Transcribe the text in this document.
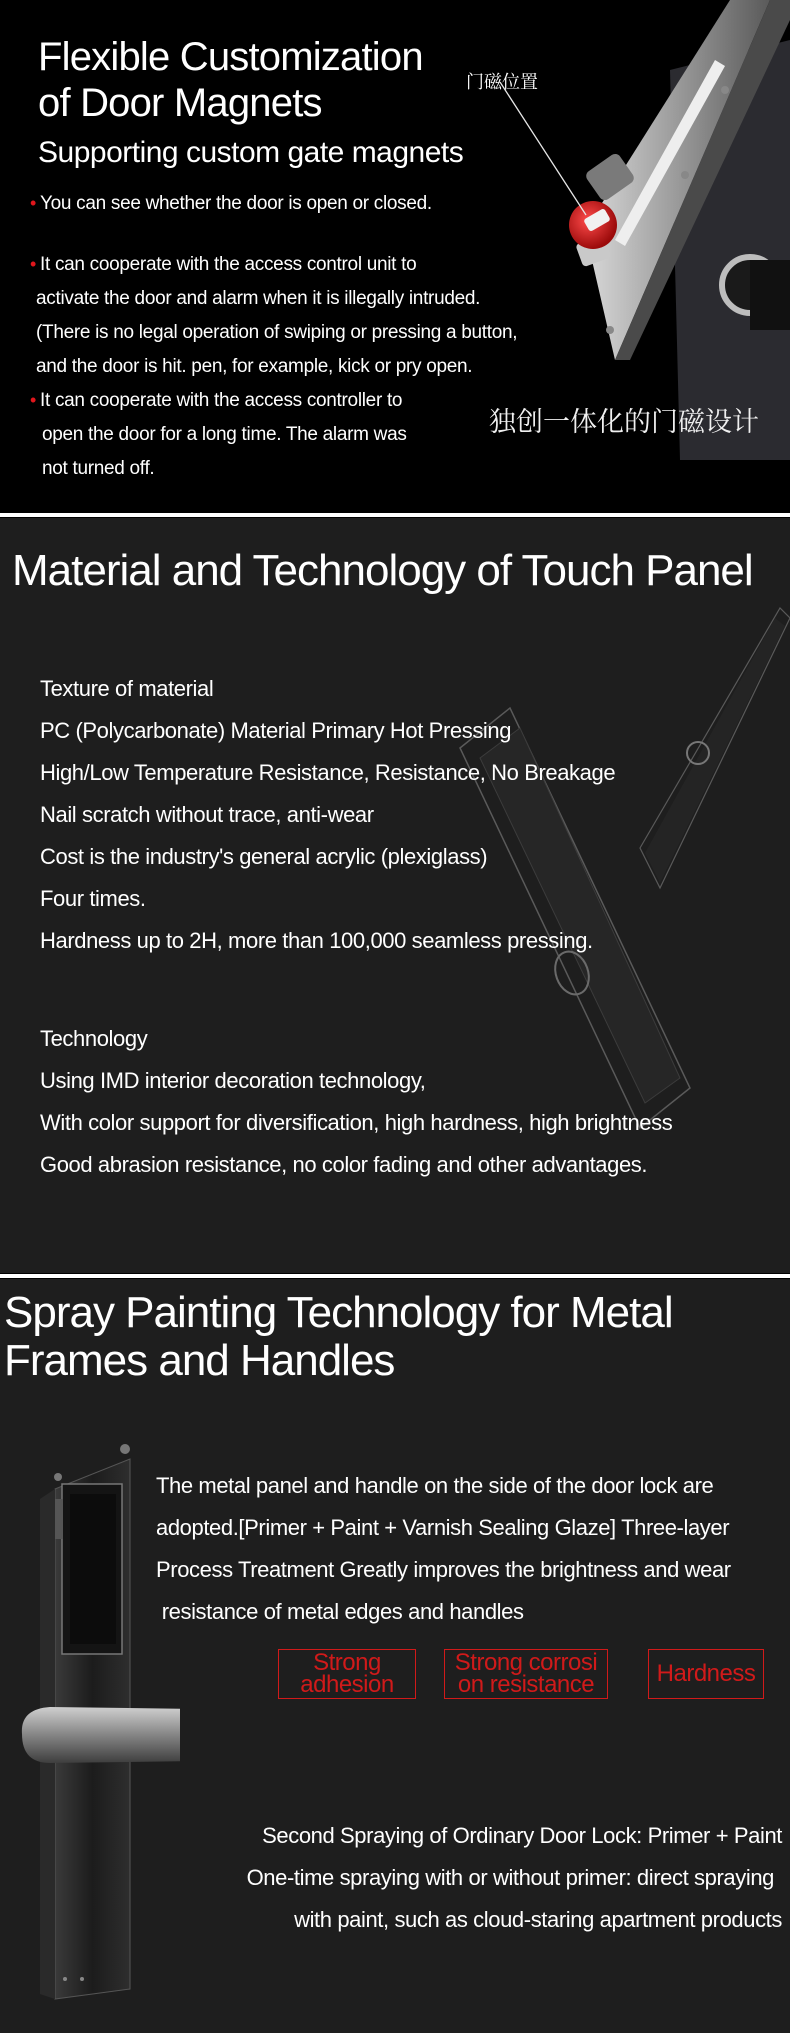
Flexible Customization
of Door Magnets
Supporting custom gate magnets
• You can see whether the door is open or closed.
• It can cooperate with the access control unit to
activate the door and alarm when it is illegally intruded.
(There is no legal operation of swiping or pressing a button,
and the door is hit. pen, for example, kick or pry open.
• It can cooperate with the access controller to
open the door for a long time. The alarm was
not turned off.
门磁位置
独创一体化的门磁设计
Material and Technology of Touch Panel
Texture of material
PC (Polycarbonate) Material Primary Hot Pressing
High/Low Temperature Resistance, Resistance, No Breakage
Nail scratch without trace, anti-wear
Cost is the industry's general acrylic (plexiglass)
Four times.
Hardness up to 2H, more than 100,000 seamless pressing.
Technology
Using IMD interior decoration technology,
With color support for diversification, high hardness, high brightness
Good abrasion resistance, no color fading and other advantages.
Spray Painting Technology for Metal
Frames and Handles
The metal panel and handle on the side of the door lock are
adopted.[Primer + Paint + Varnish Sealing Glaze] Three-layer
Process Treatment Greatly improves the brightness and wear
resistance of metal edges and handles
Strong
adhesion
Strong corrosi
on resistance	Hardness
Second Spraying of Ordinary Door Lock: Primer + Paint
One-time spraying with or without primer: direct spraying
with paint, such as cloud-staring apartment products
